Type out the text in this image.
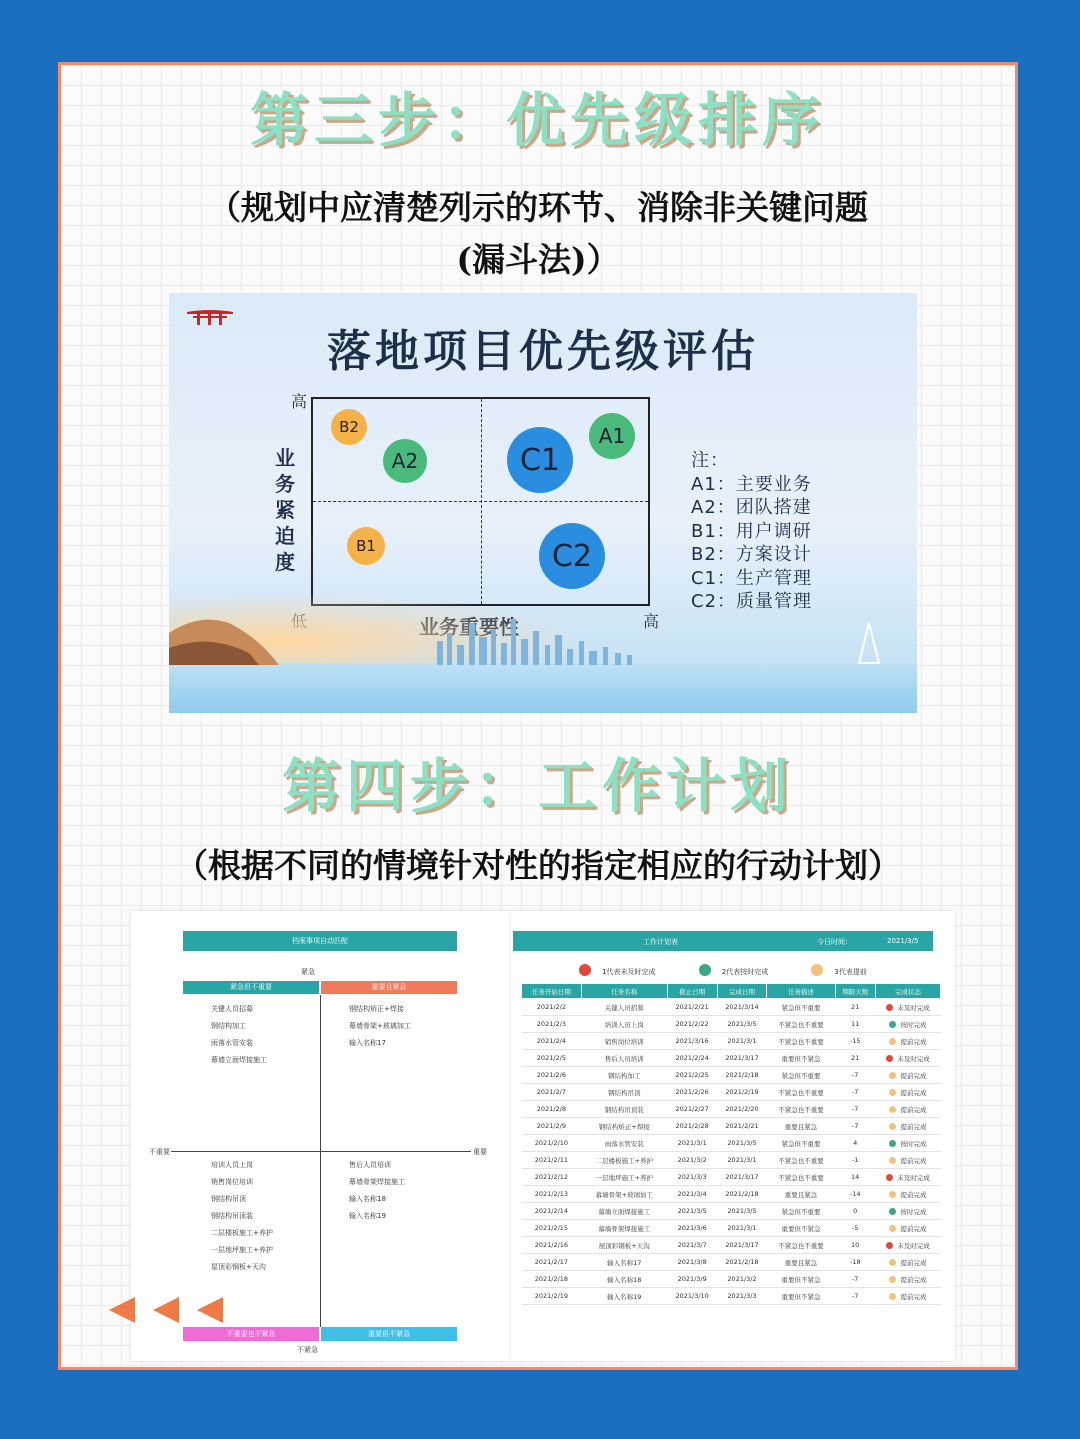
第三步：优先级排序
（规划中应清楚列示的环节、消除非关键问题
(漏斗法)）
落地项目优先级评估
高
业务紧迫度
B2
A2	C1
A1
B1	C2
注：
A1：主要业务
A2：团队搭建
B1：用户调研
B2：方案设计
C1：生产管理
第四步：工作计划
（根据不同的情境针对性的指定相应的行动计划）
档案事项自动匹配
紧急
紧急但不重要	重要且紧急
不重要	重要
关键人员招募
钢结构加工
雨落水管安装
幕墙立面焊接施工
钢结构矫正+焊接
幕墙骨架+玻璃加工
输入名称17
培训人员上岗
销售岗位培训
钢结构吊顶
钢结构吊顶装
二层楼板施工+养护
一层地坪施工+养护
屋顶彩钢板+天沟
售后人员培训
幕墙骨架焊接施工
输入名称18
输入名称19
不重要也不紧急	重要但不紧急
不紧急
工作计划表	今日时间：	2021/3/5
1代表未及时完成	2代表按时完成	3代表提前
任务开始日期	任务名称	截止日期	完成日期	任务描述	期限天数	完成状态
2021/2/2	关键人员招募	2021/2/21	2021/3/14	紧急但不重要	21	未及时完成
2021/2/3	培训人员上岗	2021/2/22	2021/3/5	不紧急也不重要	11	按时完成
2021/2/4	销售岗位培训	2021/3/16	2021/3/1	不紧急也不重要	-15	提前完成
2021/2/5	售后人员培训	2021/2/24	2021/3/17	重要但不紧急	21	未及时完成
2021/2/6	钢结构加工	2021/2/25	2021/2/18	紧急但不重要	-7	提前完成
2021/2/7	钢结构吊顶	2021/2/26	2021/2/19	不紧急也不重要	-7	提前完成
2021/2/8	钢结构吊顶装	2021/2/27	2021/2/20	不紧急也不重要	-7	提前完成
2021/2/9	钢结构矫正+焊接	2021/2/28	2021/2/21	重要且紧急	-7	提前完成
2021/2/10	雨落水管安装	2021/3/1	2021/3/5	紧急但不重要	4	按时完成
2021/2/11	二层楼板施工+养护	2021/3/2	2021/3/1	不紧急也不重要	-1	提前完成
2021/2/12	一层地坪施工+养护	2021/3/3	2021/3/17	不紧急也不重要	14	未及时完成
2021/2/13	幕墙骨架+玻璃加工	2021/3/4	2021/2/18	重要且紧急	-14	提前完成
2021/2/14	幕墙立面焊接施工	2021/3/5	2021/3/5	紧急但不重要	0	按时完成
2021/2/15	幕墙骨架焊接施工	2021/3/6	2021/3/1	重要但不紧急	-5	提前完成
2021/2/16	屋顶彩钢板+天沟	2021/3/7	2021/3/17	不紧急也不重要	10	未及时完成
2021/2/17	输入名称17	2021/3/8	2021/2/18	重要且紧急	-18	提前完成
2021/2/18	输入名称18	2021/3/9	2021/3/2	重要但不紧急	-7	提前完成
2021/2/19	输入名称19	2021/3/10	2021/3/3	重要但不紧急	-7	提前完成
